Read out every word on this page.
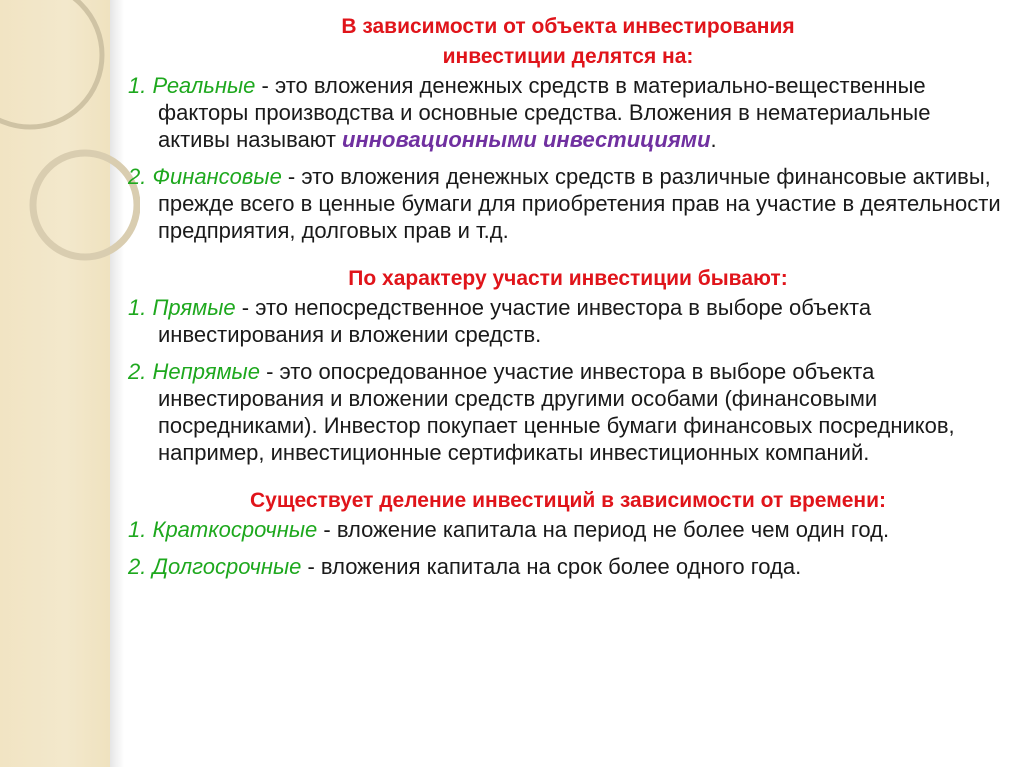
В зависимости от объекта инвестирования
инвестиции делятся на:

1. Реальные - это вложения денежных средств в материально-вещественные факторы производства и основные средства. Вложения в нематериальные активы называют инновационными инвестициями.

2. Финансовые - это вложения денежных средств в различные финансовые активы, прежде всего в ценные бумаги для приобретения прав на участие в деятельности предприятия, долговых прав и т.д.

По характеру участи инвестиции бывают:

1. Прямые - это непосредственное участие инвестора в выборе объекта инвестирования и вложении средств.

2. Непрямые - это опосредованное участие инвестора в выборе объекта инвестирования и вложении средств другими особами (финансовыми посредниками). Инвестор покупает ценные бумаги финансовых посредников, например, инвестиционные сертификаты инвестиционных компаний.

Существует деление инвестиций в зависимости от времени:

1. Краткосрочные - вложение капитала на период не более чем один год.

2. Долгосрочные - вложения капитала на срок более одного года.
